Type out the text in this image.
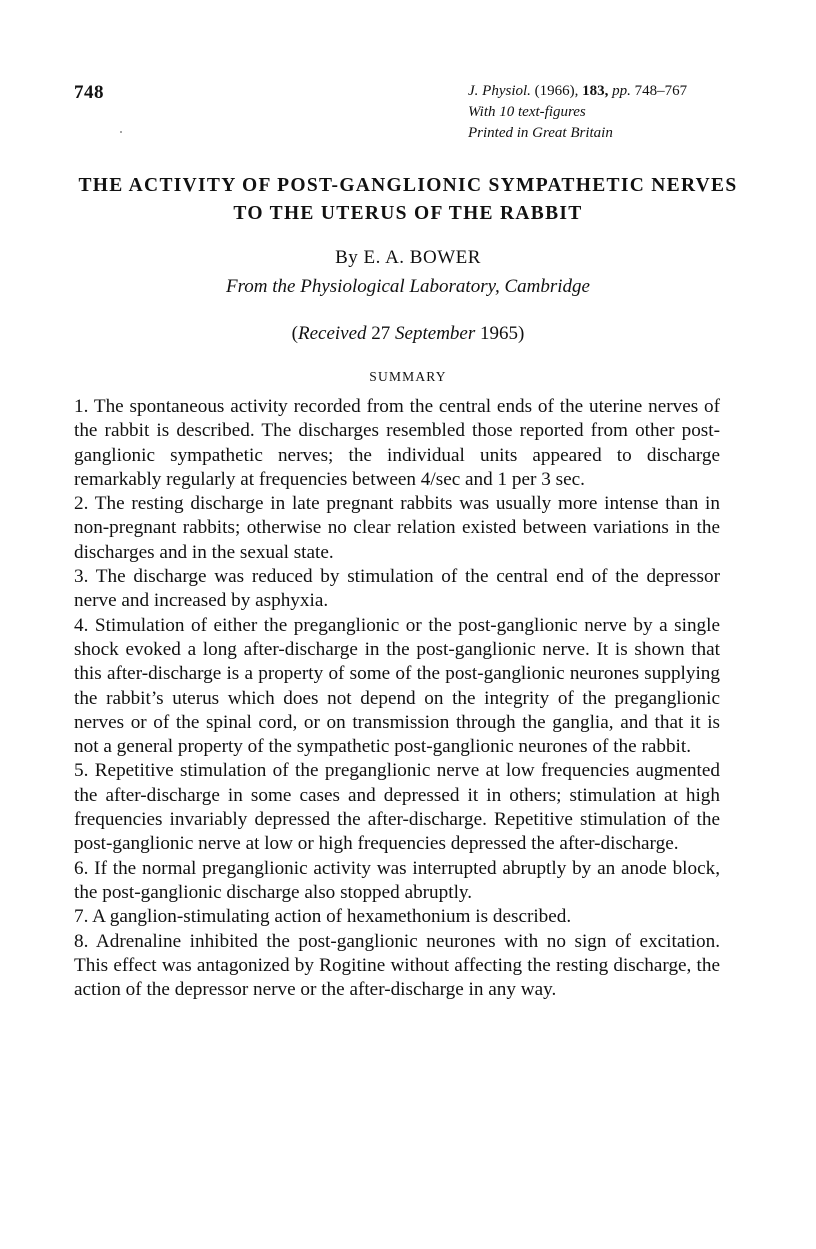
748	J. Physiol. (1966), 183, pp. 748–767
With 10 text-figures
Printed in Great Britain
THE ACTIVITY OF POST-GANGLIONIC SYMPATHETIC NERVES
TO THE UTERUS OF THE RABBIT
By E. A. BOWER
From the Physiological Laboratory, Cambridge
(Received 27 September 1965)
SUMMARY

1. The spontaneous activity recorded from the central ends of the uterine nerves of the rabbit is described. The discharges resembled those reported from other post-ganglionic sympathetic nerves; the individual units appeared to discharge remarkably regularly at frequencies between 4/sec and 1 per 3 sec.

2. The resting discharge in late pregnant rabbits was usually more intense than in non-pregnant rabbits; otherwise no clear relation existed between variations in the discharges and in the sexual state.

3. The discharge was reduced by stimulation of the central end of the depressor nerve and increased by asphyxia.

4. Stimulation of either the preganglionic or the post-ganglionic nerve by a single shock evoked a long after-discharge in the post-ganglionic nerve. It is shown that this after-discharge is a property of some of the post-ganglionic neurones supplying the rabbit’s uterus which does not depend on the integrity of the preganglionic nerves or of the spinal cord, or on transmission through the ganglia, and that it is not a general property of the sympathetic post-ganglionic neurones of the rabbit.

5. Repetitive stimulation of the preganglionic nerve at low frequencies augmented the after-discharge in some cases and depressed it in others; stimulation at high frequencies invariably depressed the after-discharge. Repetitive stimulation of the post-ganglionic nerve at low or high frequencies depressed the after-discharge.

6. If the normal preganglionic activity was interrupted abruptly by an anode block, the post-ganglionic discharge also stopped abruptly.

7. A ganglion-stimulating action of hexamethonium is described.

8. Adrenaline inhibited the post-ganglionic neurones with no sign of excitation. This effect was antagonized by Rogitine without affecting the resting discharge, the action of the depressor nerve or the after-discharge in any way.
